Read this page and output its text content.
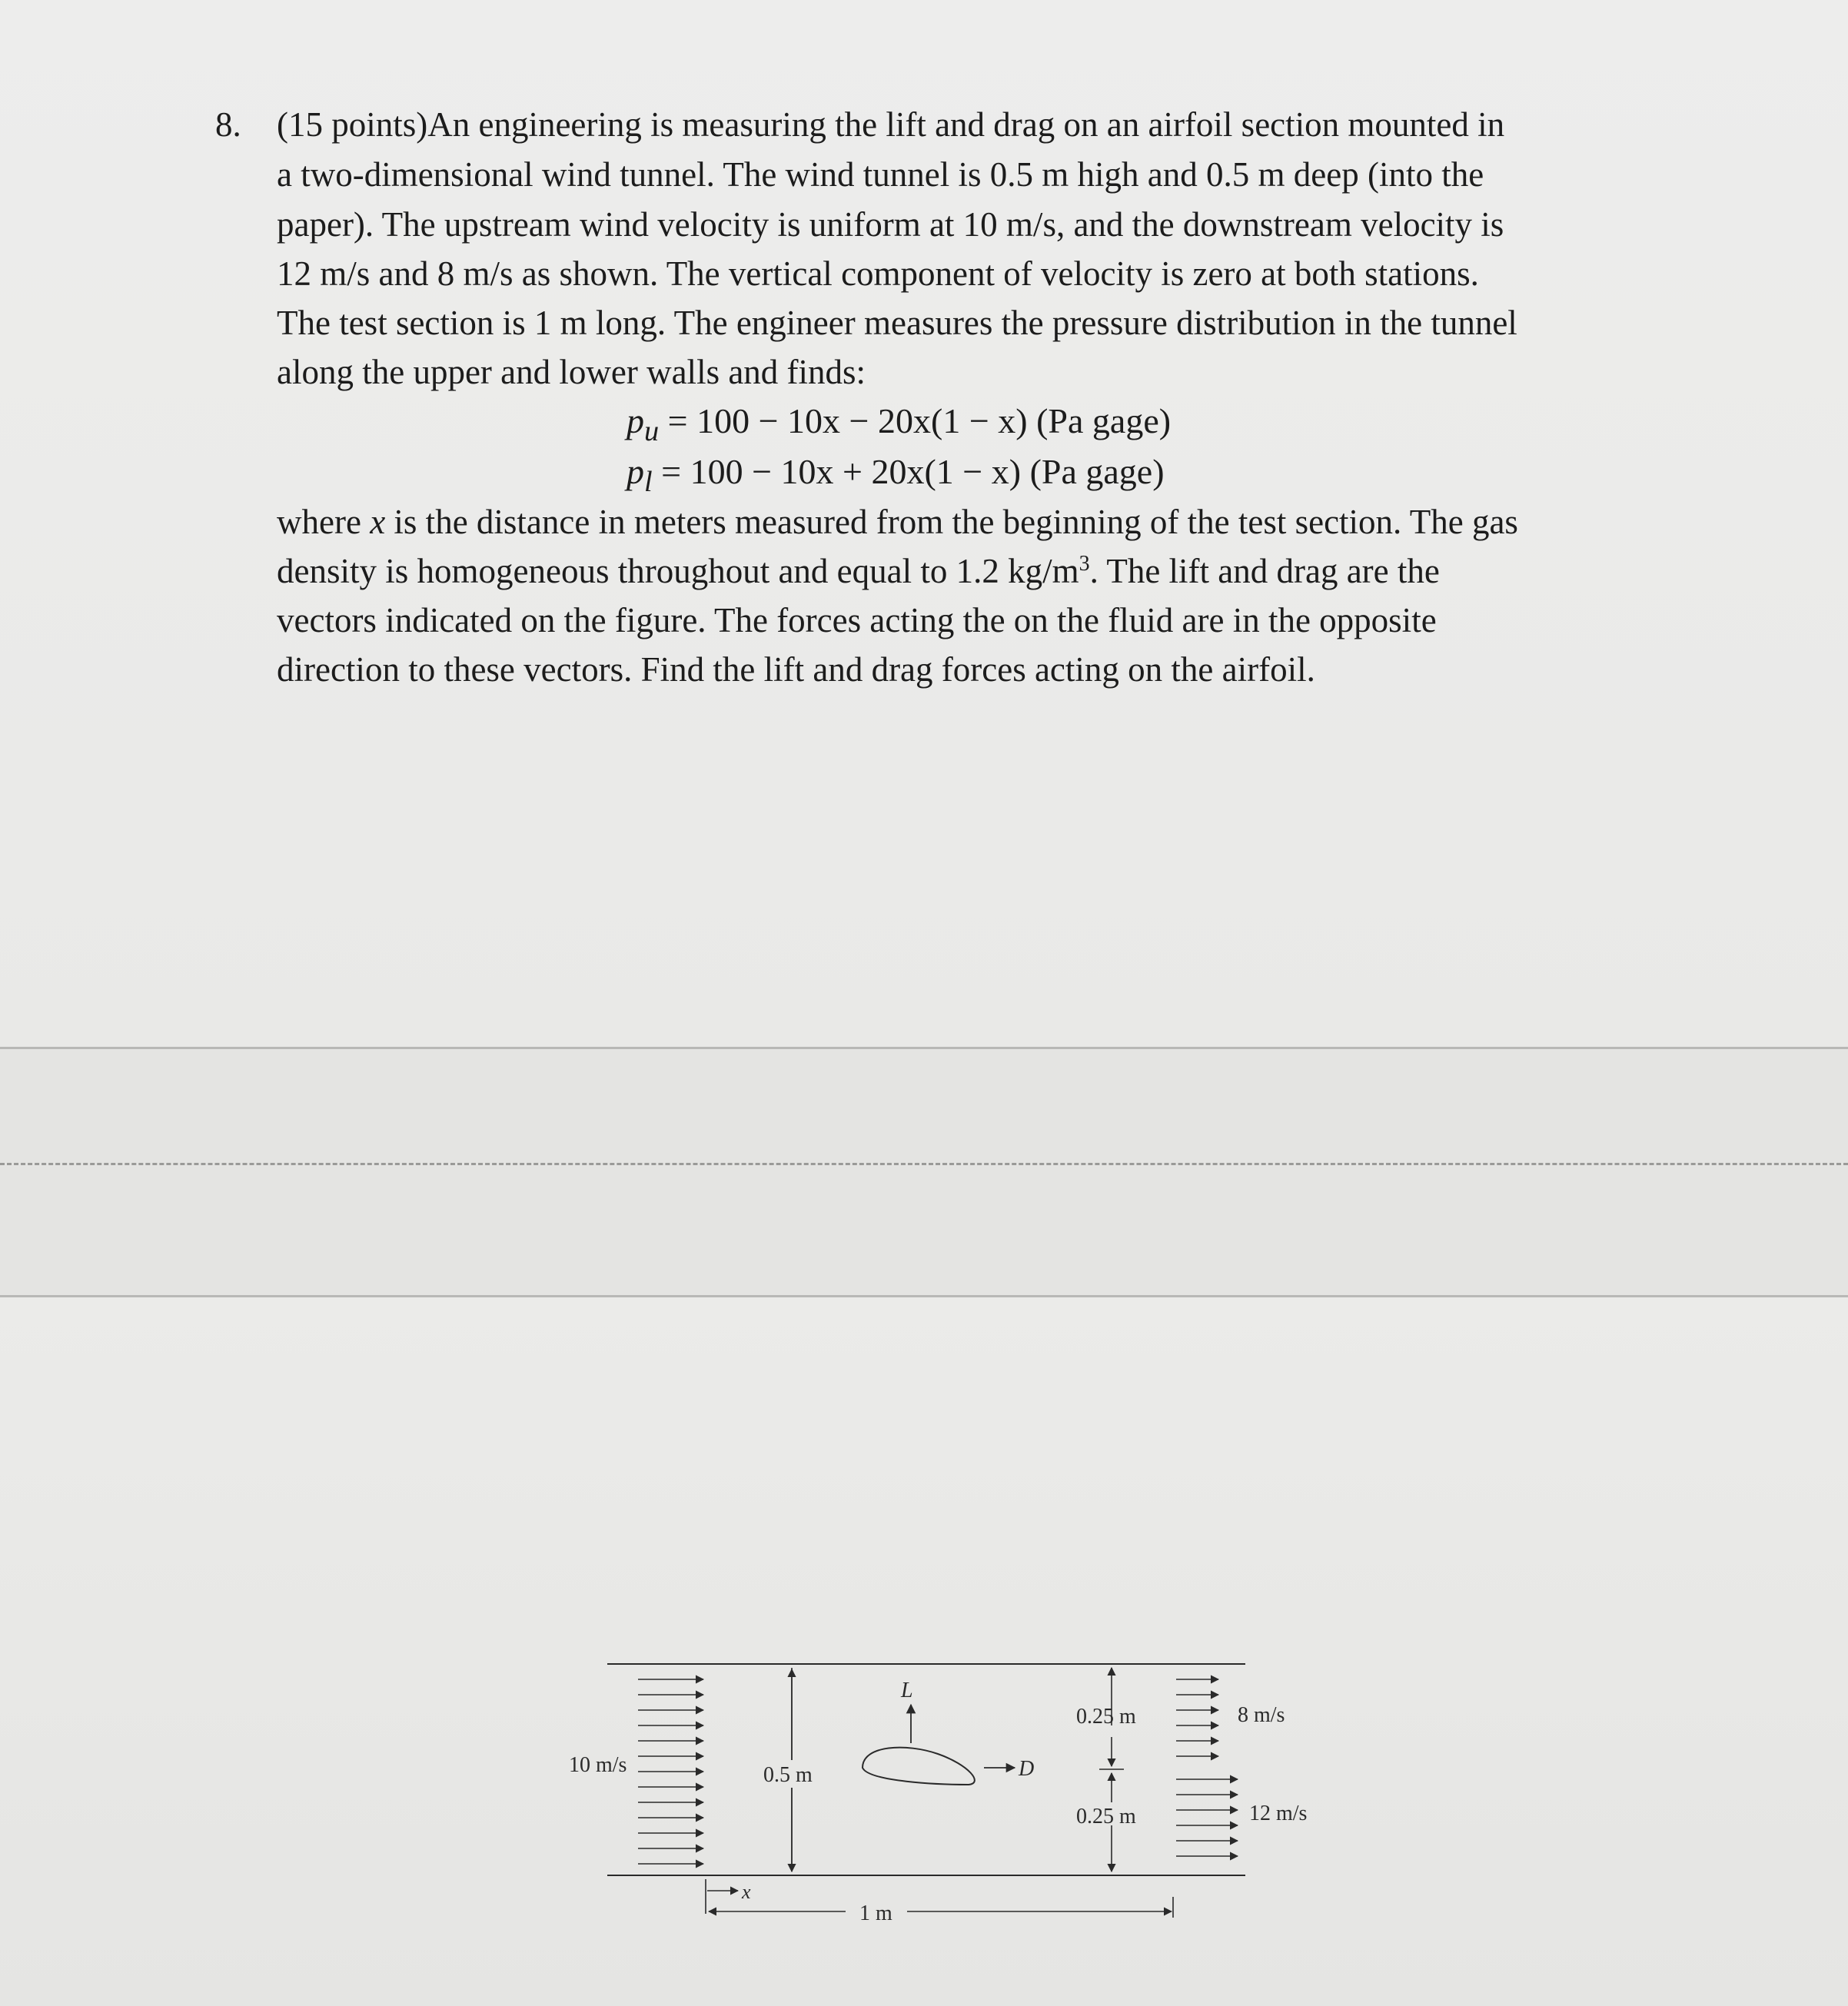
8. (15 points)An engineering is measuring the lift and drag on an airfoil section mounted in
a two-dimensional wind tunnel. The wind tunnel is 0.5 m high and 0.5 m deep (into the
paper). The upstream wind velocity is uniform at 10 m/s, and the downstream velocity is
12 m/s and 8 m/s as shown. The vertical component of velocity is zero at both stations.
The test section is 1 m long. The engineer measures the pressure distribution in the tunnel
along the upper and lower walls and finds:
$p_u = 100 - 10x - 20x(1 - x)$ (Pa gage)
$p_l = 100 - 10x + 20x(1 - x)$ (Pa gage)
where x is the distance in meters measured from the beginning of the test section. The gas
density is homogeneous throughout and equal to 1.2 $kg/m^3$. The lift and drag are the
vectors indicated on the figure. The forces acting the on the fluid are in the opposite
direction to these vectors. Find the lift and drag forces acting on the airfoil.
10 m/s	0.5 m
L
D
0.25 m
0.25 m
8 m/s
12 m/s
x
1 m
